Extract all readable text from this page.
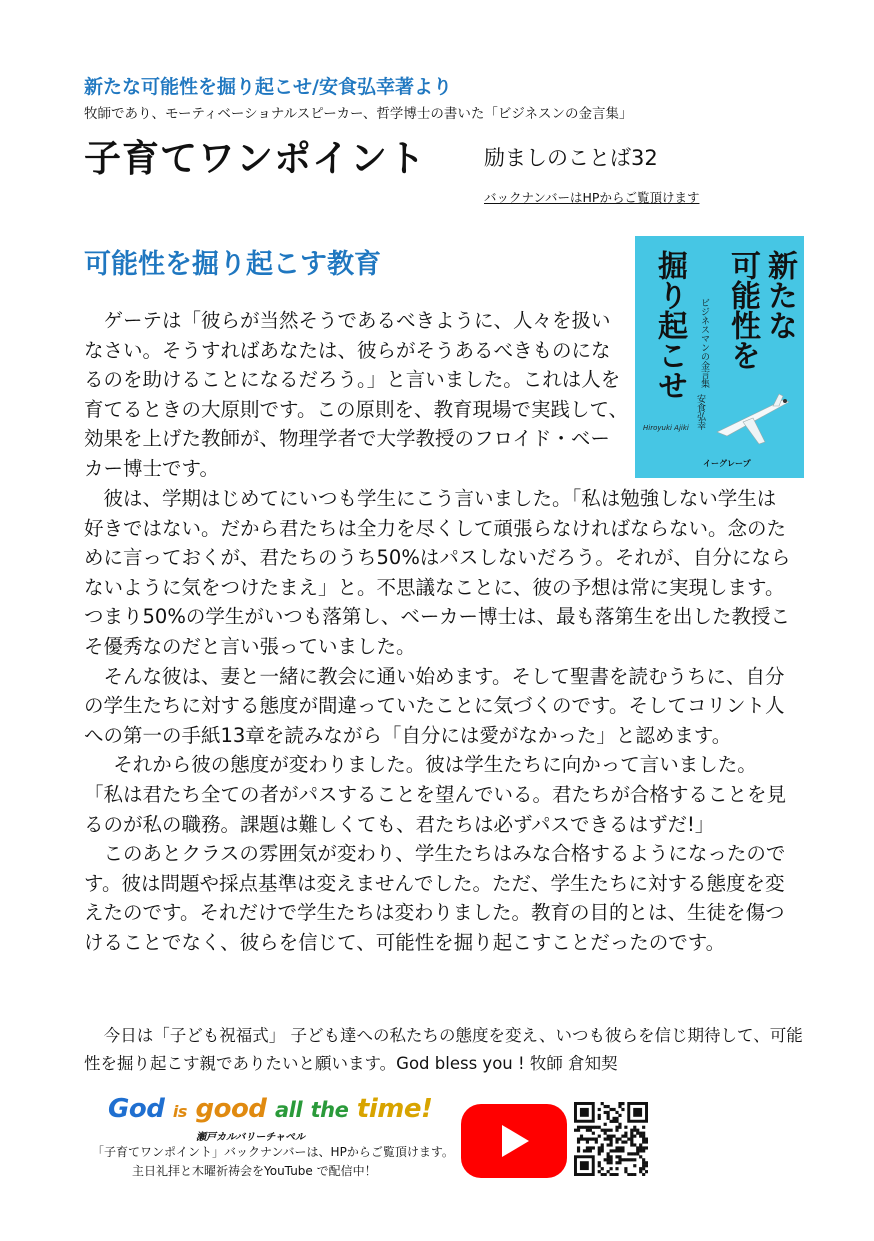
新たな可能性を掘り起こせ/安食弘幸著より
牧師であり、モーティベーショナルスピーカー、哲学博士の書いた「ビジネスンの金言集」
子育てワンポイント	励ましのことば32
バックナンバーはHPからご覧頂けます
可能性を掘り起こす教育	新たな
可能性を
掘り起こせ ビジネスマンの金言集
安食弘幸
Hiroyuki Ajiki
イーグレープ

ゲーテは「彼らが当然そうであるべきように、人々を扱いなさい。そうすればあなたは、彼らがそうあるべきものになるのを助けることになるだろう。」と言いました。これは人を育てるときの大原則です。この原則を、教育現場で実践して、効果を上げた教師が、物理学者で大学教授のフロイド・ベーカー博士です。

彼は、学期はじめてにいつも学生にこう言いました。「私は勉強しない学生は好きではない。だから君たちは全力を尽くして頑張らなければならない。念のために言っておくが、君たちのうち50%はパスしないだろう。それが、自分にならないように気をつけたまえ」と。不思議なことに、彼の予想は常に実現します。つまり50%の学生がいつも落第し、ベーカー博士は、最も落第生を出した教授こそ優秀なのだと言い張っていました。

そんな彼は、妻と一緒に教会に通い始めます。そして聖書を読むうちに、自分の学生たちに対する態度が間違っていたことに気づくのです。そしてコリント人への第一の手紙13章を読みながら「自分には愛がなかった」と認めます。

それから彼の態度が変わりました。彼は学生たちに向かって言いました。

「私は君たち全ての者がパスすることを望んでいる。君たちが合格することを見るのが私の職務。課題は難しくても、君たちは必ずパスできるはずだ!」

このあとクラスの雰囲気が変わり、学生たちはみな合格するようになったのです。彼は問題や採点基準は変えませんでした。ただ、学生たちに対する態度を変えたのです。それだけで学生たちは変わりました。教育の目的とは、生徒を傷つけることでなく、彼らを信じて、可能性を掘り起こすことだったのです。

今日は「子ども祝福式」 子ども達への私たちの態度を変え、いつも彼らを信じ期待して、可能性を掘り起こす親でありたいと願います。God bless you ! 牧師 倉知契

God is good all the time!
瀬戸カルバリーチャペル
「子育てワンポイント」バックナンバーは、HPからご覧頂けます。
主日礼拝と木曜祈祷会をYouTube で配信中！
